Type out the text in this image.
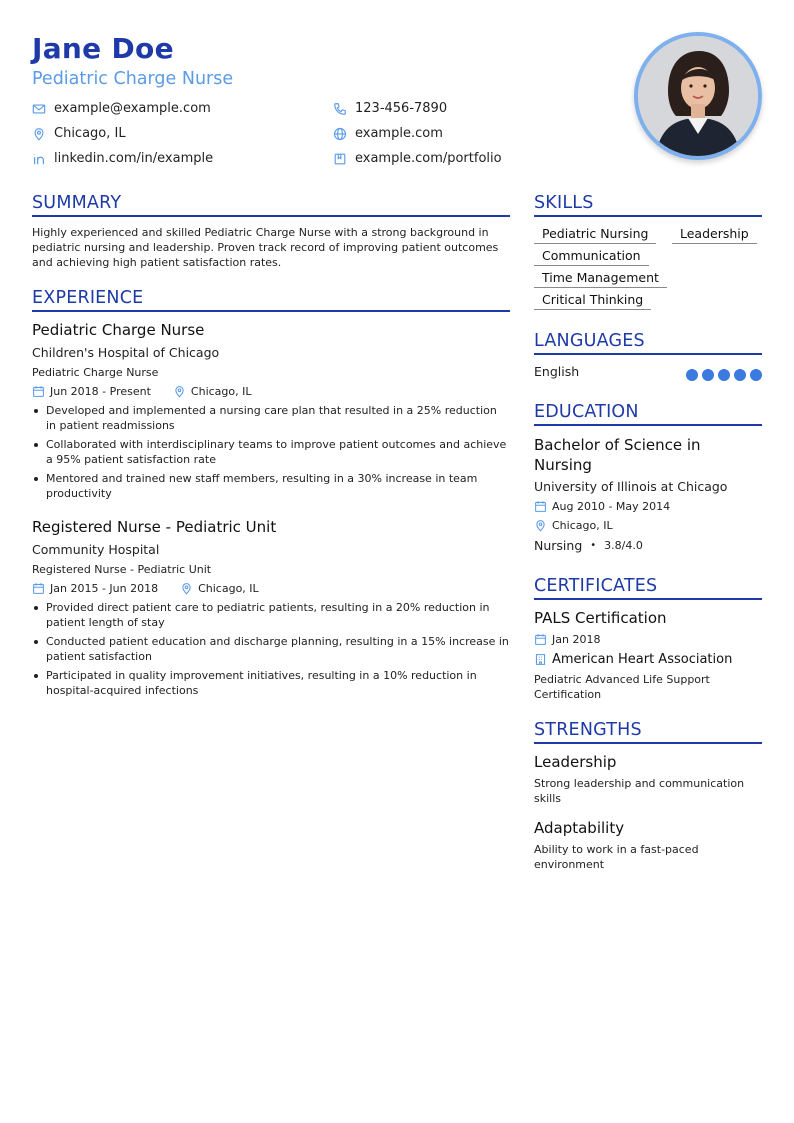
Jane Doe
Pediatric Charge Nurse
example@example.com	123-456-7890
Chicago, IL	example.com
linkedin.com/in/example	example.com/portfolio
SUMMARY
Highly experienced and skilled Pediatric Charge Nurse with a strong background in pediatric nursing and leadership. Proven track record of improving patient outcomes and achieving high patient satisfaction rates.
EXPERIENCE
Pediatric Charge Nurse
Children's Hospital of Chicago
Pediatric Charge Nurse
Jun 2018 - Present	Chicago, IL
Developed and implemented a nursing care plan that resulted in a 25% reduction in patient readmissions
Collaborated with interdisciplinary teams to improve patient outcomes and achieve a 95% patient satisfaction rate
Mentored and trained new staff members, resulting in a 30% increase in team productivity
Registered Nurse - Pediatric Unit
Community Hospital
Registered Nurse - Pediatric Unit
Jan 2015 - Jun 2018	Chicago, IL
Provided direct patient care to pediatric patients, resulting in a 20% reduction in patient length of stay
Conducted patient education and discharge planning, resulting in a 15% increase in patient satisfaction
Participated in quality improvement initiatives, resulting in a 10% reduction in hospital-acquired infections
SKILLS
Pediatric Nursing	Leadership
Communication
Time Management
Critical Thinking
LANGUAGES
English
EDUCATION
Bachelor of Science in Nursing
University of Illinois at Chicago
Aug 2010 - May 2014
Chicago, IL
Nursing • 3.8/4.0
CERTIFICATES
PALS Certification
Jan 2018
American Heart Association
Pediatric Advanced Life Support Certification
STRENGTHS
Leadership
Strong leadership and communication skills
Adaptability
Ability to work in a fast-paced environment
